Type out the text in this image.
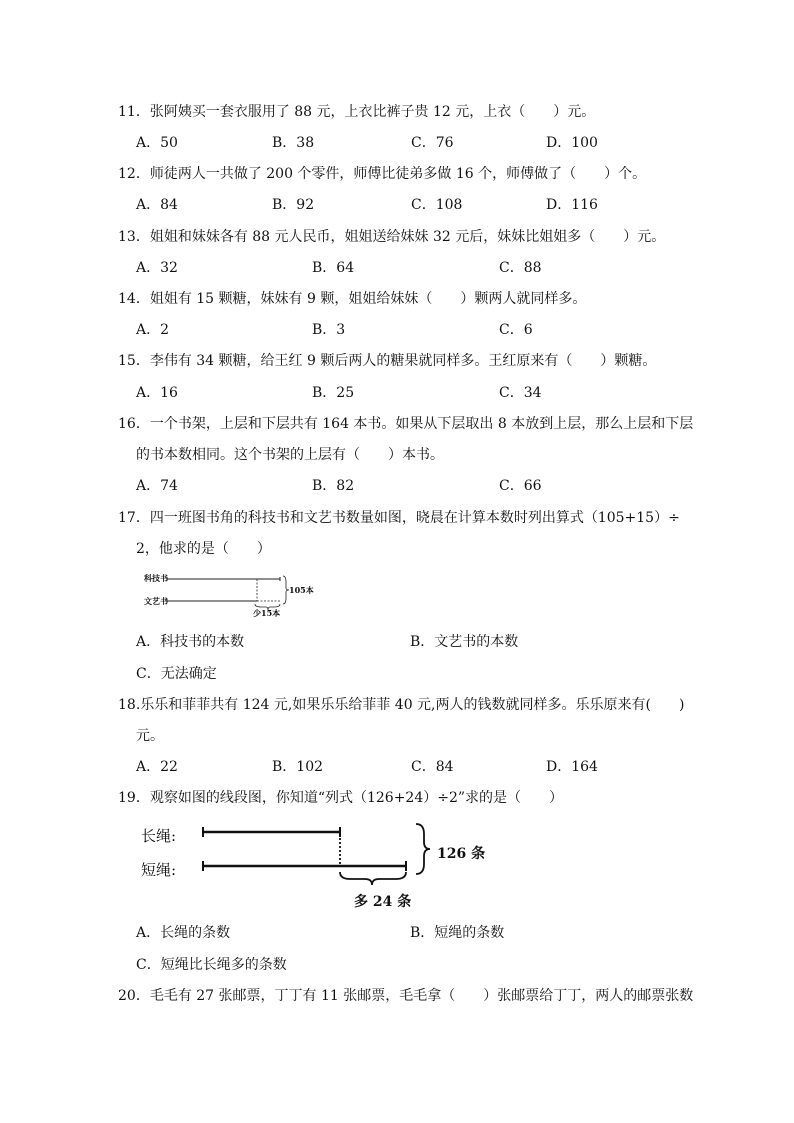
11．张阿姨买一套衣服用了 88 元，上衣比裤子贵 12 元，上衣（　　）元。
A．50	B．38	C．76	D．100
12．师徒两人一共做了 200 个零件，师傅比徒弟多做 16 个，师傅做了（　　）个。
A．84	B．92	C．108	D．116
13．姐姐和妹妹各有 88 元人民币，姐姐送给妹妹 32 元后，妹妹比姐姐多（　　）元。
A．32	B．64	C．88
14．姐姐有 15 颗糖，妹妹有 9 颗，姐姐给妹妹（　　）颗两人就同样多。
A．2	B．3	C．6
15．李伟有 34 颗糖，给王红 9 颗后两人的糖果就同样多。王红原来有（　　）颗糖。
A．16	B．25	C．34
16．一个书架，上层和下层共有 164 本书。如果从下层取出 8 本放到上层，那么上层和下层
的书本数相同。这个书架的上层有（　　）本书。
A．74	B．82	C．66
17．四一班图书角的科技书和文艺书数量如图，晓晨在计算本数时列出算式（105+15）÷
2，他求的是（　　）
科技书
文艺书
105本
少15本
A．科技书的本数	B．文艺书的本数
C．无法确定
18.乐乐和菲菲共有 124 元,如果乐乐给菲菲 40 元,两人的钱数就同样多。乐乐原来有(　　)
元。
A．22	B．102	C．84	D．164
19．观察如图的线段图，你知道“列式（126+24）÷2”求的是（　　）
长绳:
短绳:
126 条
多 24 条
A．长绳的条数	B．短绳的条数
C．短绳比长绳多的条数
20．毛毛有 27 张邮票，丁丁有 11 张邮票，毛毛拿（　　）张邮票给丁丁，两人的邮票张数
